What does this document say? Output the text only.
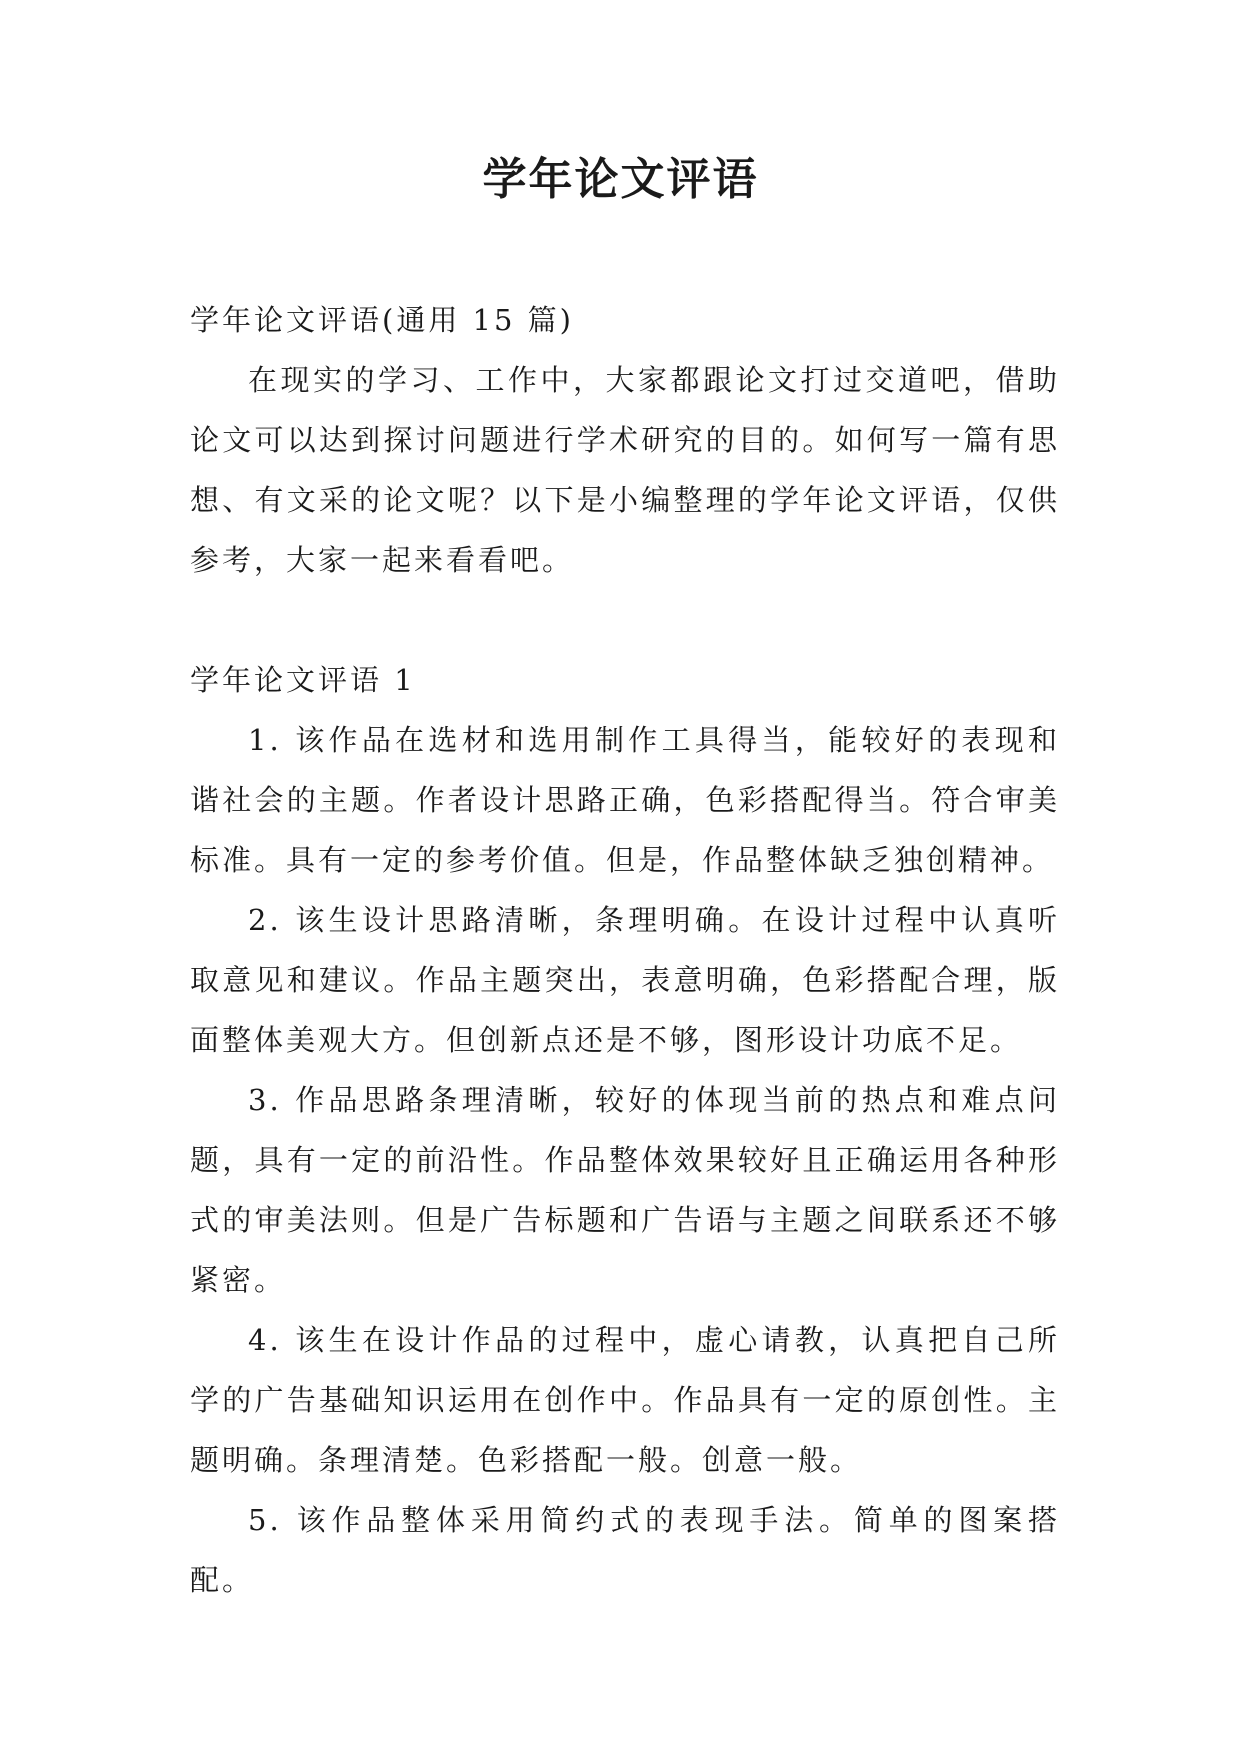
学年论文评语

学年论文评语(通用 15 篇)

在现实的学习、工作中，大家都跟论文打过交道吧，借助论文可以达到探讨问题进行学术研究的目的。如何写一篇有思想、有文采的论文呢？以下是小编整理的学年论文评语，仅供参考，大家一起来看看吧。

学年论文评语 1

1. 该作品在选材和选用制作工具得当，能较好的表现和谐社会的主题。作者设计思路正确，色彩搭配得当。符合审美标准。具有一定的参考价值。但是，作品整体缺乏独创精神。

2. 该生设计思路清晰，条理明确。在设计过程中认真听取意见和建议。作品主题突出，表意明确，色彩搭配合理，版面整体美观大方。但创新点还是不够，图形设计功底不足。

3. 作品思路条理清晰，较好的体现当前的热点和难点问题，具有一定的前沿性。作品整体效果较好且正确运用各种形式的审美法则。但是广告标题和广告语与主题之间联系还不够紧密。

4. 该生在设计作品的过程中，虚心请教，认真把自己所学的广告基础知识运用在创作中。作品具有一定的原创性。主题明确。条理清楚。色彩搭配一般。创意一般。

5. 该作品整体采用简约式的表现手法。简单的图案搭配。
